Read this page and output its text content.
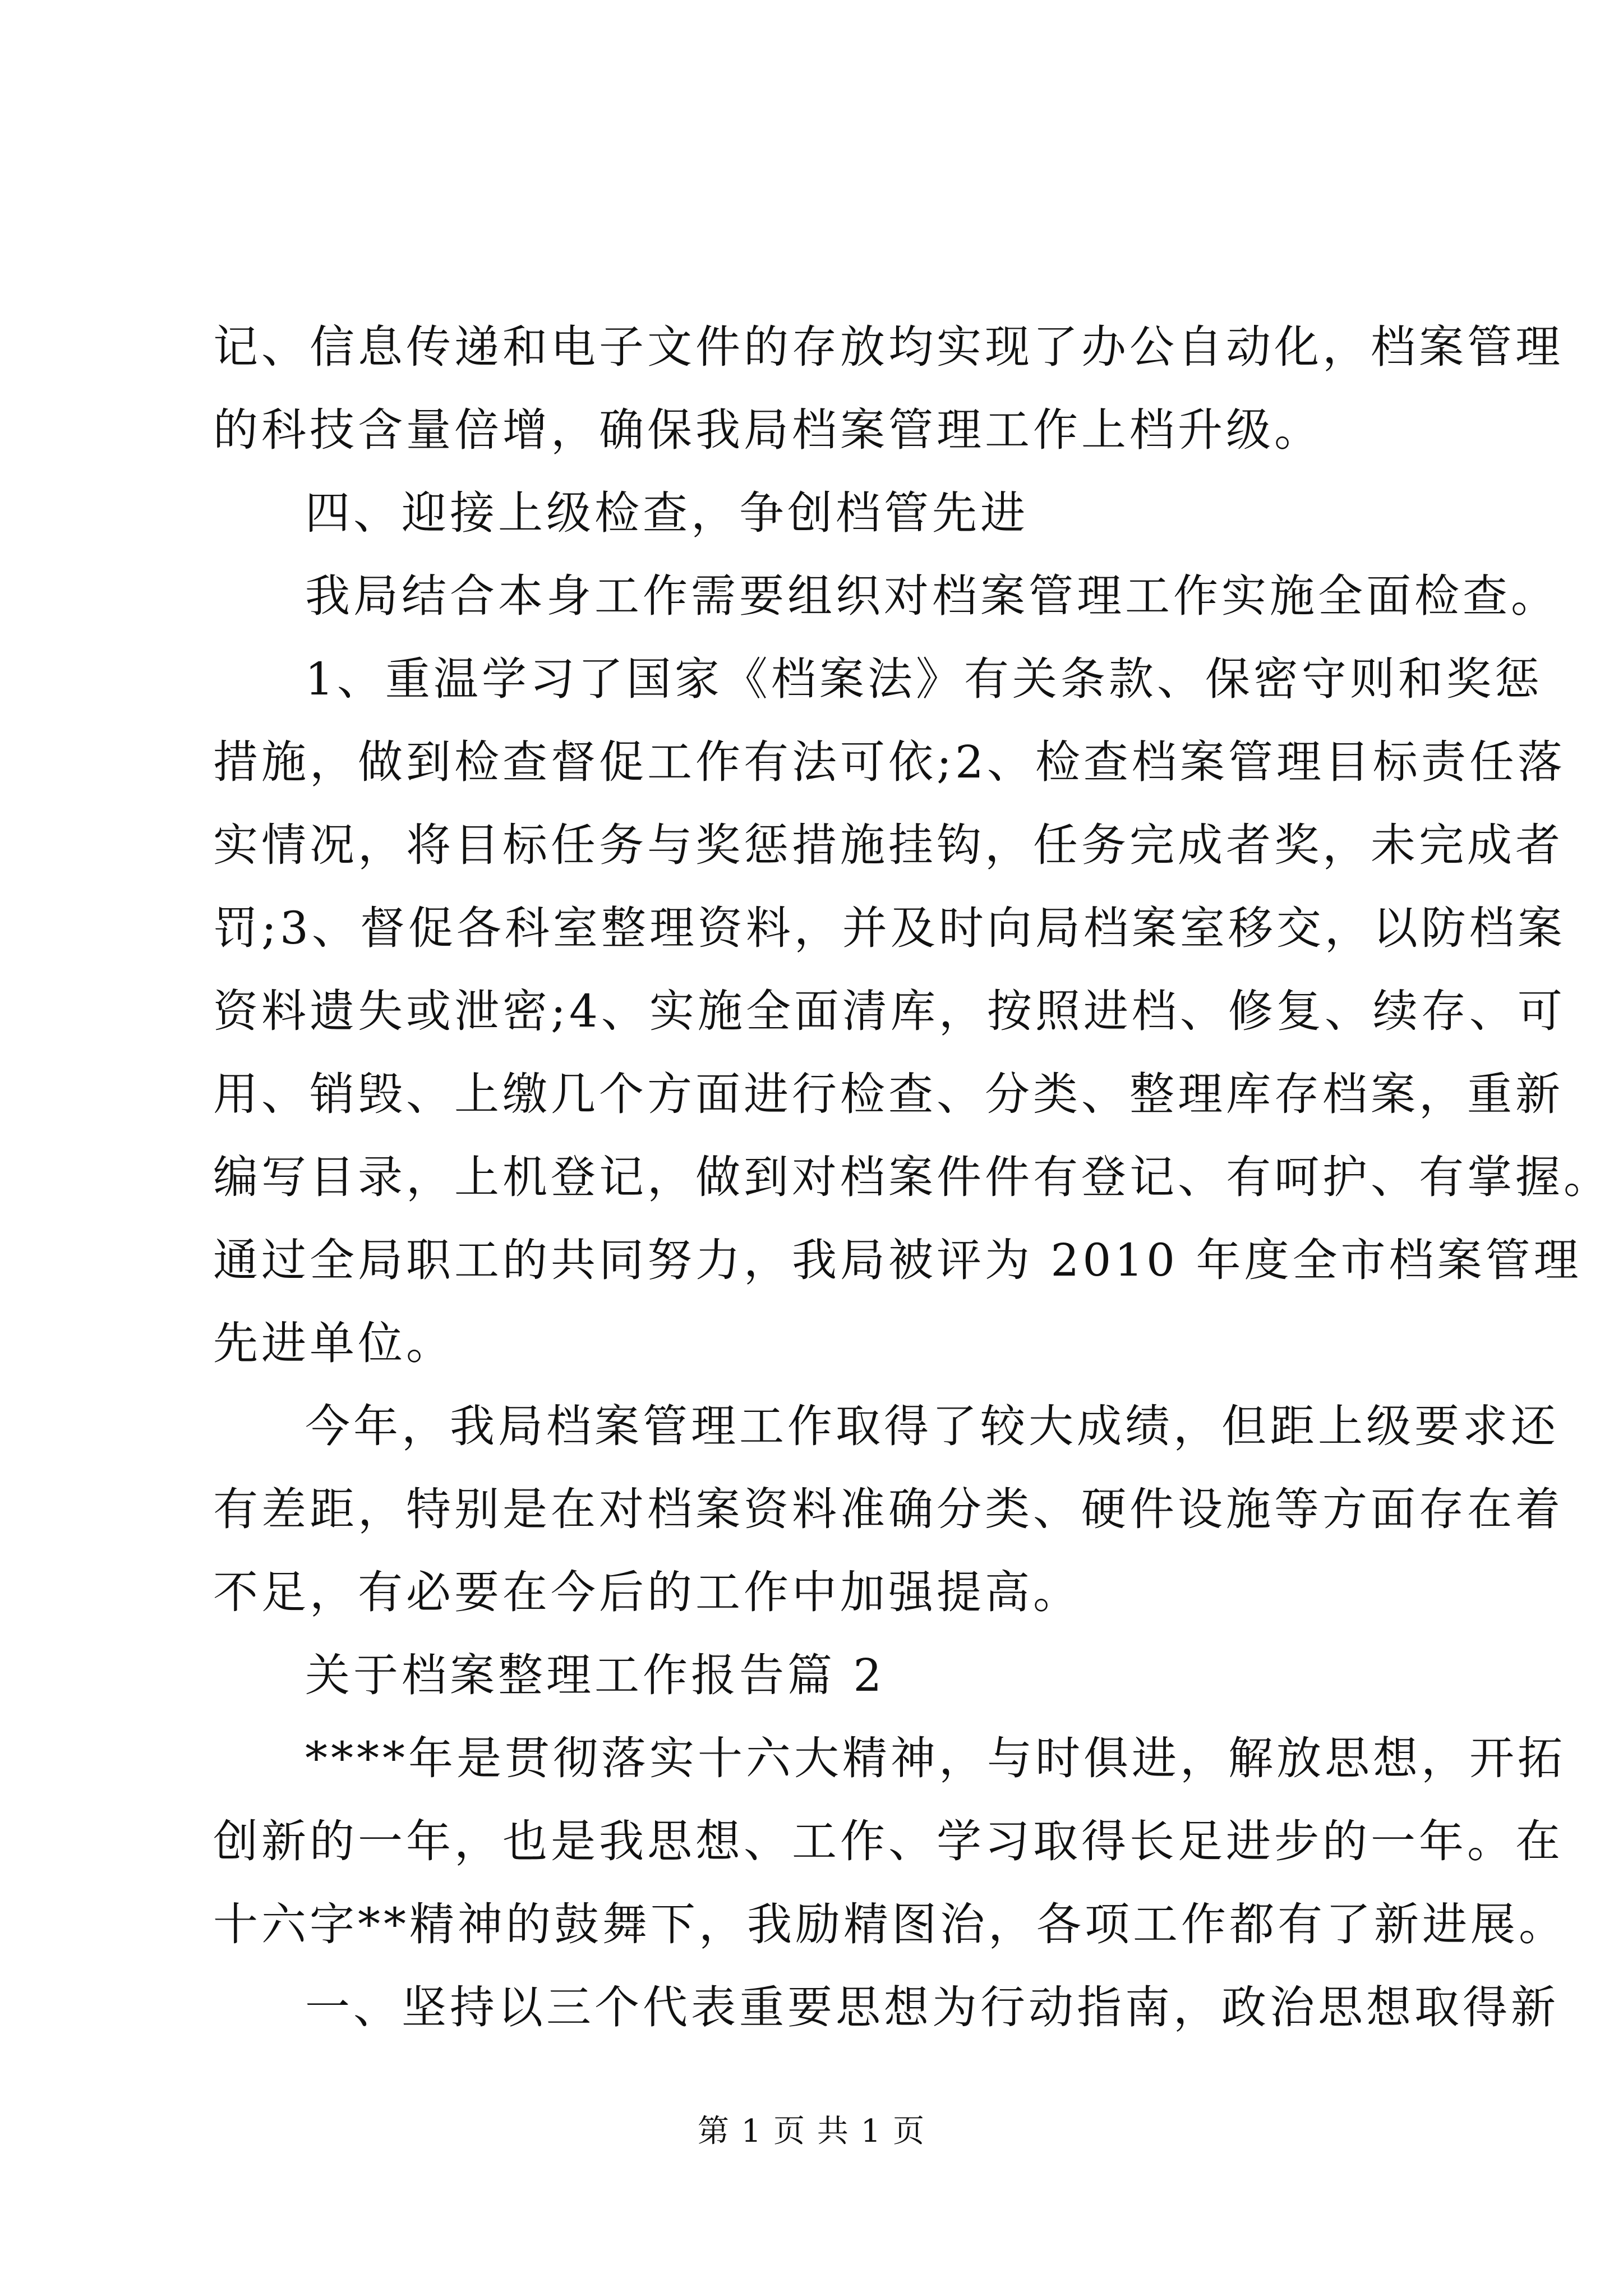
记、信息传递和电子文件的存放均实现了办公自动化，档案管理
的科技含量倍增，确保我局档案管理工作上档升级。
四、迎接上级检查，争创档管先进
我局结合本身工作需要组织对档案管理工作实施全面检查。
1、重温学习了国家《档案法》有关条款、保密守则和奖惩
措施，做到检查督促工作有法可依;2、检查档案管理目标责任落
实情况，将目标任务与奖惩措施挂钩，任务完成者奖，未完成者
罚;3、督促各科室整理资料，并及时向局档案室移交，以防档案
资料遗失或泄密;4、实施全面清库，按照进档、修复、续存、可
用、销毁、上缴几个方面进行检查、分类、整理库存档案，重新
编写目录，上机登记，做到对档案件件有登记、有呵护、有掌握。
通过全局职工的共同努力，我局被评为 2010 年度全市档案管理
先进单位。
今年，我局档案管理工作取得了较大成绩，但距上级要求还
有差距，特别是在对档案资料准确分类、硬件设施等方面存在着
不足，有必要在今后的工作中加强提高。
关于档案整理工作报告篇 2
****年是贯彻落实十六大精神，与时俱进，解放思想，开拓
创新的一年，也是我思想、工作、学习取得长足进步的一年。在
十六字**精神的鼓舞下，我励精图治，各项工作都有了新进展。
一、坚持以三个代表重要思想为行动指南，政治思想取得新
第 1 页 共 1 页
